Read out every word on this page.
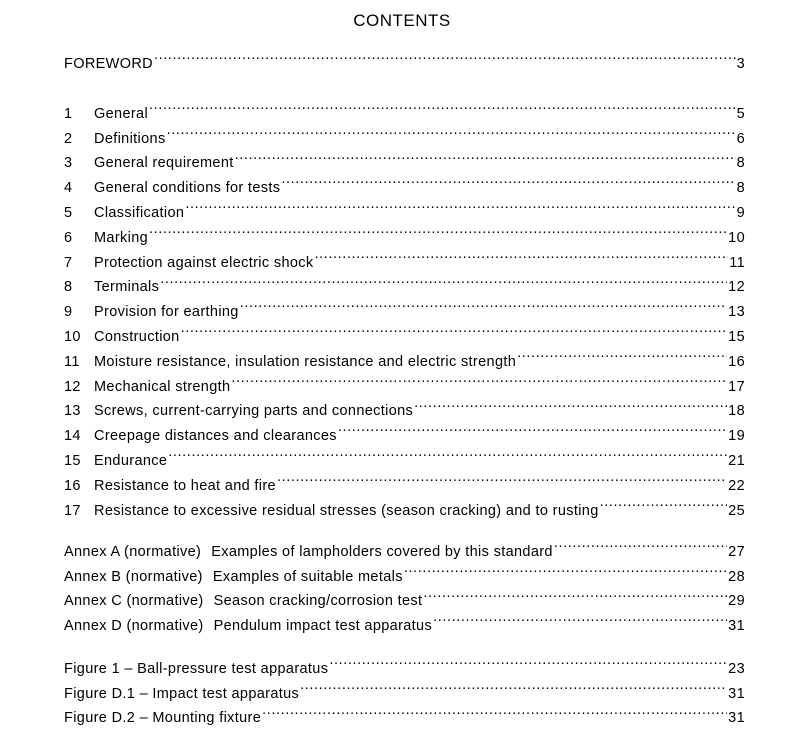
CONTENTS
FOREWORD .....	3
1	General .....	5
2	Definitions .....	6
3	General requirement .....	8
4	General conditions for tests .....	8
5	Classification .....	9
6	Marking .....	10
7	Protection against electric shock .....	11
8	Terminals .....	12
9	Provision for earthing .....	13
10 Construction .....	15
11 Moisture resistance, insulation resistance and electric strength .....	16
12 Mechanical strength .....	17
13 Screws, current-carrying parts and connections .....	18
14 Creepage distances and clearances .....	19
15 Endurance .....	21
16 Resistance to heat and fire .....	22
17 Resistance to excessive residual stresses (season cracking) and to rusting .....	25
Annex A (normative) Examples of lampholders covered by this standard .....	27
Annex B (normative) Examples of suitable metals .....	28
Annex C (normative) Season cracking/corrosion test .....	29
Annex D (normative) Pendulum impact test apparatus .....	31
Figure 1 – Ball-pressure test apparatus .....	23
Figure D.1 – Impact test apparatus .....	31
Figure D.2 – Mounting fixture .....	31
